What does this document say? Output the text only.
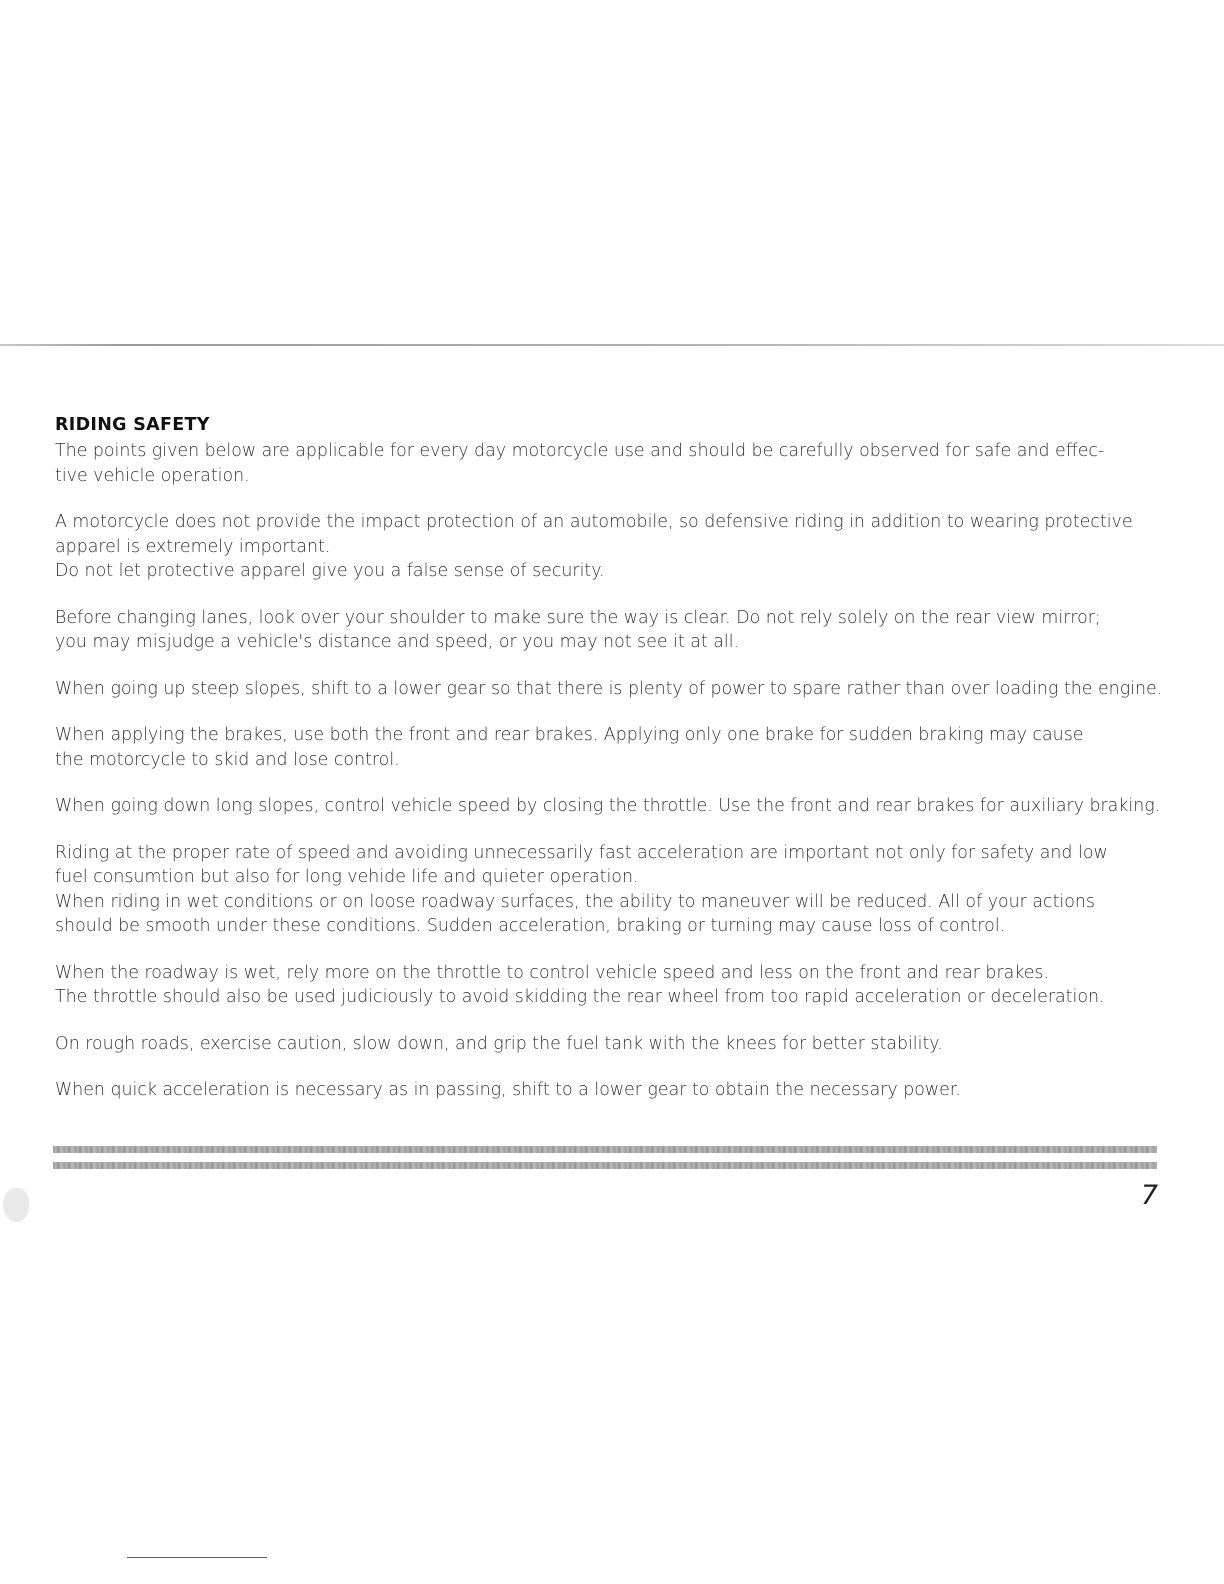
RIDING SAFETY
The points given below are applicable for every day motorcycle use and should be carefully observed for safe and effec-
tive vehicle operation.
A motorcycle does not provide the impact protection of an automobile, so defensive riding in addition to wearing protective
apparel is extremely important.
Do not let protective apparel give you a false sense of security.
Before changing lanes, look over your shoulder to make sure the way is clear. Do not rely solely on the rear view mirror;
you may misjudge a vehicle's distance and speed, or you may not see it at all.
When going up steep slopes, shift to a lower gear so that there is plenty of power to spare rather than over loading the engine.
When applying the brakes, use both the front and rear brakes. Applying only one brake for sudden braking may cause
the motorcycle to skid and lose control.
When going down long slopes, control vehicle speed by closing the throttle. Use the front and rear brakes for auxiliary braking.
Riding at the proper rate of speed and avoiding unnecessarily fast acceleration are important not only for safety and low
fuel consumtion but also for long vehide life and quieter operation.
When riding in wet conditions or on loose roadway surfaces, the ability to maneuver will be reduced. All of your actions
should be smooth under these conditions. Sudden acceleration, braking or turning may cause loss of control.
When the roadway is wet, rely more on the throttle to control vehicle speed and less on the front and rear brakes.
The throttle should also be used judiciously to avoid skidding the rear wheel from too rapid acceleration or deceleration.
On rough roads, exercise caution, slow down, and grip the fuel tank with the knees for better stability.
When quick acceleration is necessary as in passing, shift to a lower gear to obtain the necessary power.
7
